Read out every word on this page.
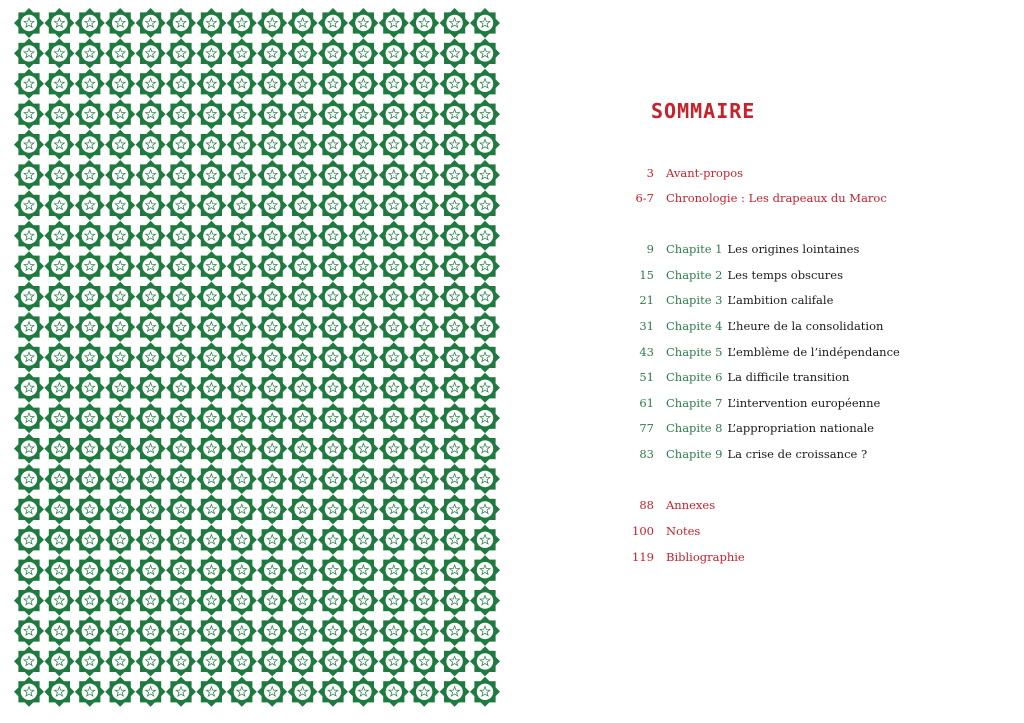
SOMMAIRE
3 Avant-propos
6-7 Chronologie : Les drapeaux du Maroc
9 Chapite 1 Les origines lointaines
15 Chapite 2 Les temps obscures
21 Chapite 3 L’ambition califale
31 Chapite 4 L’heure de la consolidation
43 Chapite 5 L’emblème de l’indépendance
51 Chapite 6 La difficile transition
61 Chapite 7 L’intervention européenne
77 Chapite 8 L’appropriation nationale
83 Chapite 9 La crise de croissance ?
88 Annexes
100 Notes
119 Bibliographie
